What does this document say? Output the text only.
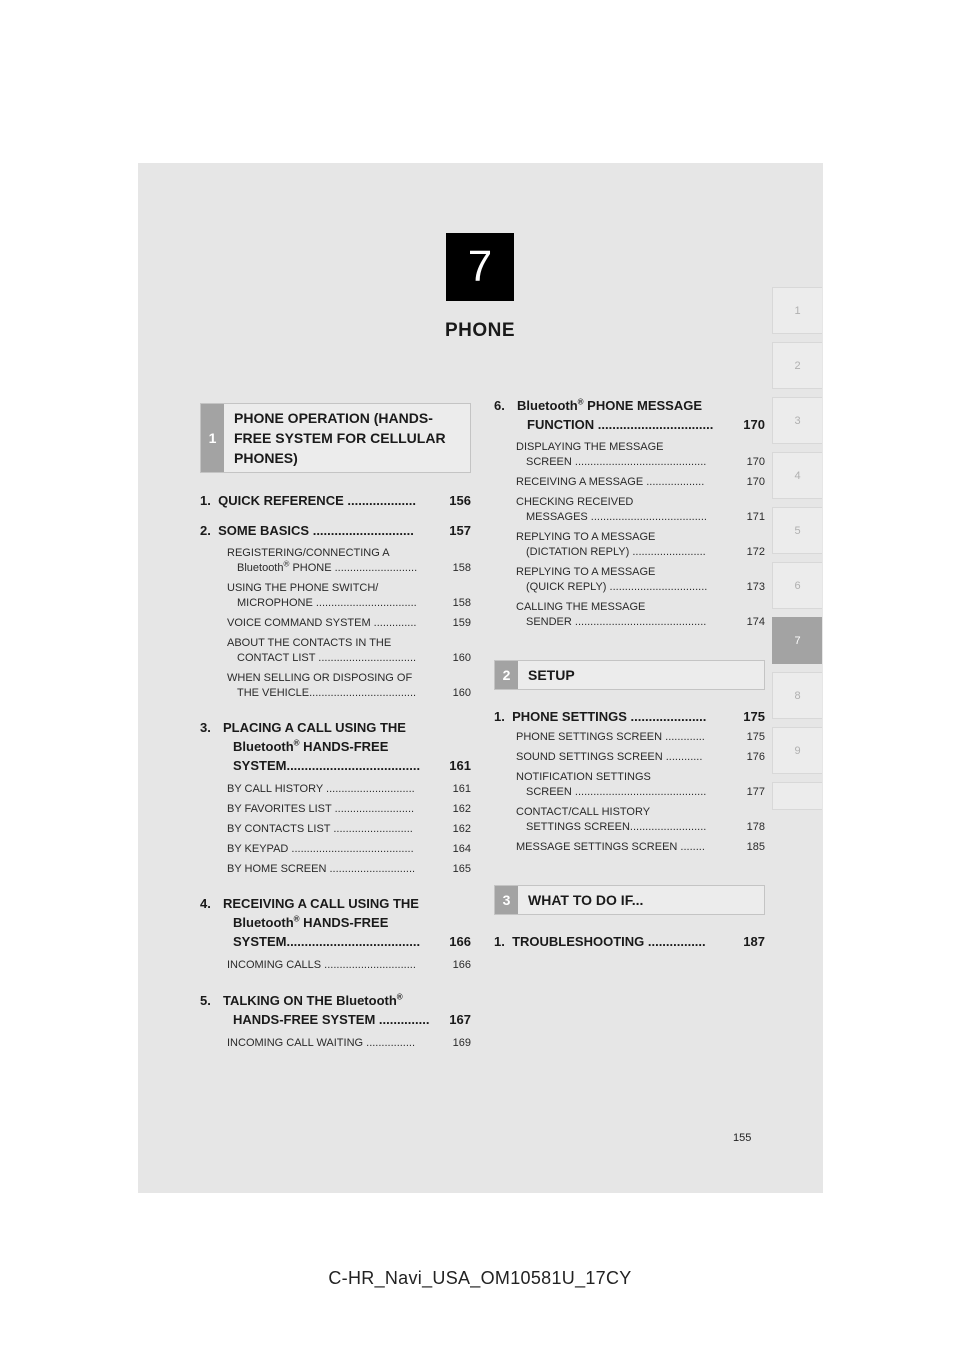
7
PHONE
1
2
3
4
5
6
7
8
9
1
PHONE OPERATION (HANDS-FREE SYSTEM FOR CELLULAR PHONES)
1. QUICK REFERENCE ...................	156
2. SOME BASICS ............................	157
REGISTERING/CONNECTING A
Bluetooth® PHONE ...........................	158
USING THE PHONE SWITCH/
MICROPHONE .................................	158
VOICE COMMAND SYSTEM ..............	159
ABOUT THE CONTACTS IN THE
CONTACT LIST ................................	160
WHEN SELLING OR DISPOSING OF
THE VEHICLE...................................	160
3. PLACING A CALL USING THE
Bluetooth® HANDS-FREE
SYSTEM..................................... 161
BY CALL HISTORY .............................	161
BY FAVORITES LIST ..........................	162
BY CONTACTS LIST ..........................	162
BY KEYPAD ........................................	164
BY HOME SCREEN ............................	165
4. RECEIVING A CALL USING THE
Bluetooth® HANDS-FREE
SYSTEM..................................... 166
INCOMING CALLS ..............................	166
5. TALKING ON THE Bluetooth®
HANDS-FREE SYSTEM .............. 167
INCOMING CALL WAITING ................	169
6. Bluetooth® PHONE MESSAGE
FUNCTION ................................ 170
DISPLAYING THE MESSAGE
SCREEN ...........................................	170
RECEIVING A MESSAGE ...................	170
CHECKING RECEIVED
MESSAGES ......................................	171
REPLYING TO A MESSAGE
(DICTATION REPLY) ........................	172
REPLYING TO A MESSAGE
(QUICK REPLY) ................................	173
CALLING THE MESSAGE
SENDER ...........................................	174
2	SETUP
1. PHONE SETTINGS .....................	175
PHONE SETTINGS SCREEN .............	175
SOUND SETTINGS SCREEN ............	176
NOTIFICATION SETTINGS
SCREEN ...........................................	177
CONTACT/CALL HISTORY
SETTINGS SCREEN.........................	178
MESSAGE SETTINGS SCREEN ........	185
3	WHAT TO DO IF...
1. TROUBLESHOOTING ................	187
155
C-HR_Navi_USA_OM10581U_17CY
